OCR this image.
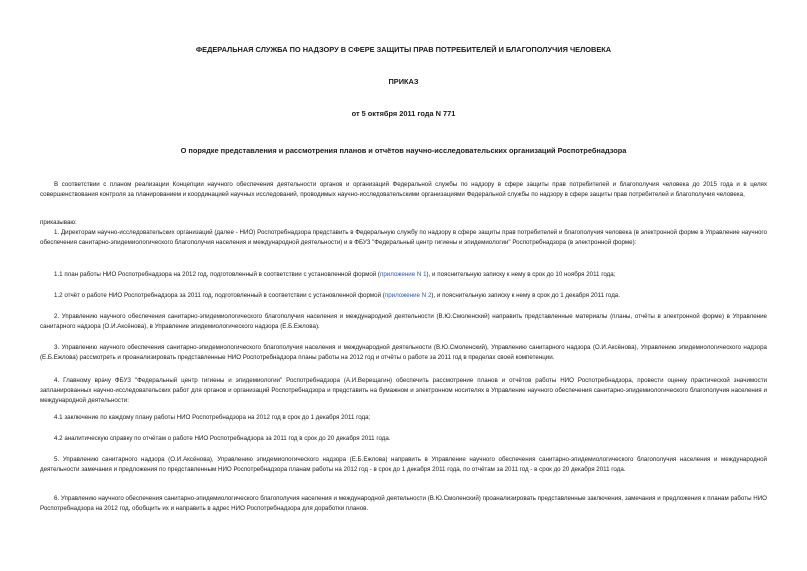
ФЕДЕРАЛЬНАЯ СЛУЖБА ПО НАДЗОРУ В СФЕРЕ ЗАЩИТЫ ПРАВ ПОТРЕБИТЕЛЕЙ И БЛАГОПОЛУЧИЯ ЧЕЛОВЕКА
ПРИКАЗ
от 5 октября 2011 года N 771
О порядке представления и рассмотрения планов и отчётов научно-исследовательских организаций Роспотребнадзора

В соответствии с планом реализации Концепции научного обеспечения деятельности органов и организаций Федеральной службы по надзору в сфере защиты прав потребителей и благополучия человека до 2015 года и в целях совершенствования контроля за планированием и координацией научных исследований, проводимых научно-исследовательскими организациями Федеральной службы по надзору в сфере защиты прав потребителей и благополучия человека,

приказываю:

1. Директорам научно-исследовательских организаций (далее - НИО) Роспотребнадзора представить в Федеральную службу по надзору в сфере защиты прав потребителей и благополучия человека (в электронной форме в Управление научного обеспечения санитарно-эпидемиологического благополучия населения и международной деятельности) и в ФБУЗ "Федеральный центр гигиены и эпидемиологии" Роспотребнадзора (в электронной форме):

1.1 план работы НИО Роспотребнадзора на 2012 год, подготовленный в соответствии с установленной формой (приложение N 1), и пояснительную записку к нему в срок до 10 ноября 2011 года;

1.2 отчёт о работе НИО Роспотребнадзора за 2011 год, подготовленный в соответствии с установленной формой (приложение N 2), и пояснительную записку к нему в срок до 1 декабря 2011 года.

2. Управлению научного обеспечения санитарно-эпидемиологического благополучия населения и международной деятельности (В.Ю.Смоленский) направить представленные материалы (планы, отчёты в электронной форме) в Управление санитарного надзора (О.И.Аксёнова), в Управление эпидемиологического надзора (Е.Б.Ежлова).

3. Управлению научного обеспечения санитарно-эпидемиологического благополучия населения и международной деятельности (В.Ю.Смоленский), Управлению санитарного надзора (О.И.Аксёнова), Управлению эпидемиологического надзора (Е.Б.Ежлова) рассмотреть и проанализировать представленные НИО Роспотребнадзора планы работы на 2012 год и отчёты о работе за 2011 год в пределах своей компетенции.

4. Главному врачу ФБУЗ "Федеральный центр гигиены и эпидемиологии" Роспотребнадзора (А.И.Верещагин) обеспечить рассмотрение планов и отчётов работы НИО Роспотребнадзора, провести оценку практической значимости запланированных научно-исследовательских работ для органов и организаций Роспотребнадзора и представить на бумажном и электронном носителях в Управление научного обеспечения санитарно-эпидемиологического благополучия населения и международной деятельности:

4.1 заключение по каждому плану работы НИО Роспотребнадзора на 2012 год в срок до 1 декабря 2011 года;

4.2 аналитическую справку по отчётам о работе НИО Роспотребнадзора за 2011 год в срок до 20 декабря 2011 года.

5. Управлению санитарного надзора (О.И.Аксёнова), Управлению эпидемиологического надзора (Е.Б.Ежлова) направить в Управление научного обеспечения санитарно-эпидемиологического благополучия населения и международной деятельности замечания и предложения по представленным НИО Роспотребнадзора планам работы на 2012 год - в срок до 1 декабря 2011 года, по отчётам за 2011 год - в срок до 20 декабря 2011 года.

6. Управлению научного обеспечения санитарно-эпидемиологического благополучия населения и международной деятельности (В.Ю.Смоленский) проанализировать представленные заключения, замечания и предложения к планам работы НИО Роспотребнадзора на 2012 год, обобщить их и направить в адрес НИО Роспотребнадзора для доработки планов.
